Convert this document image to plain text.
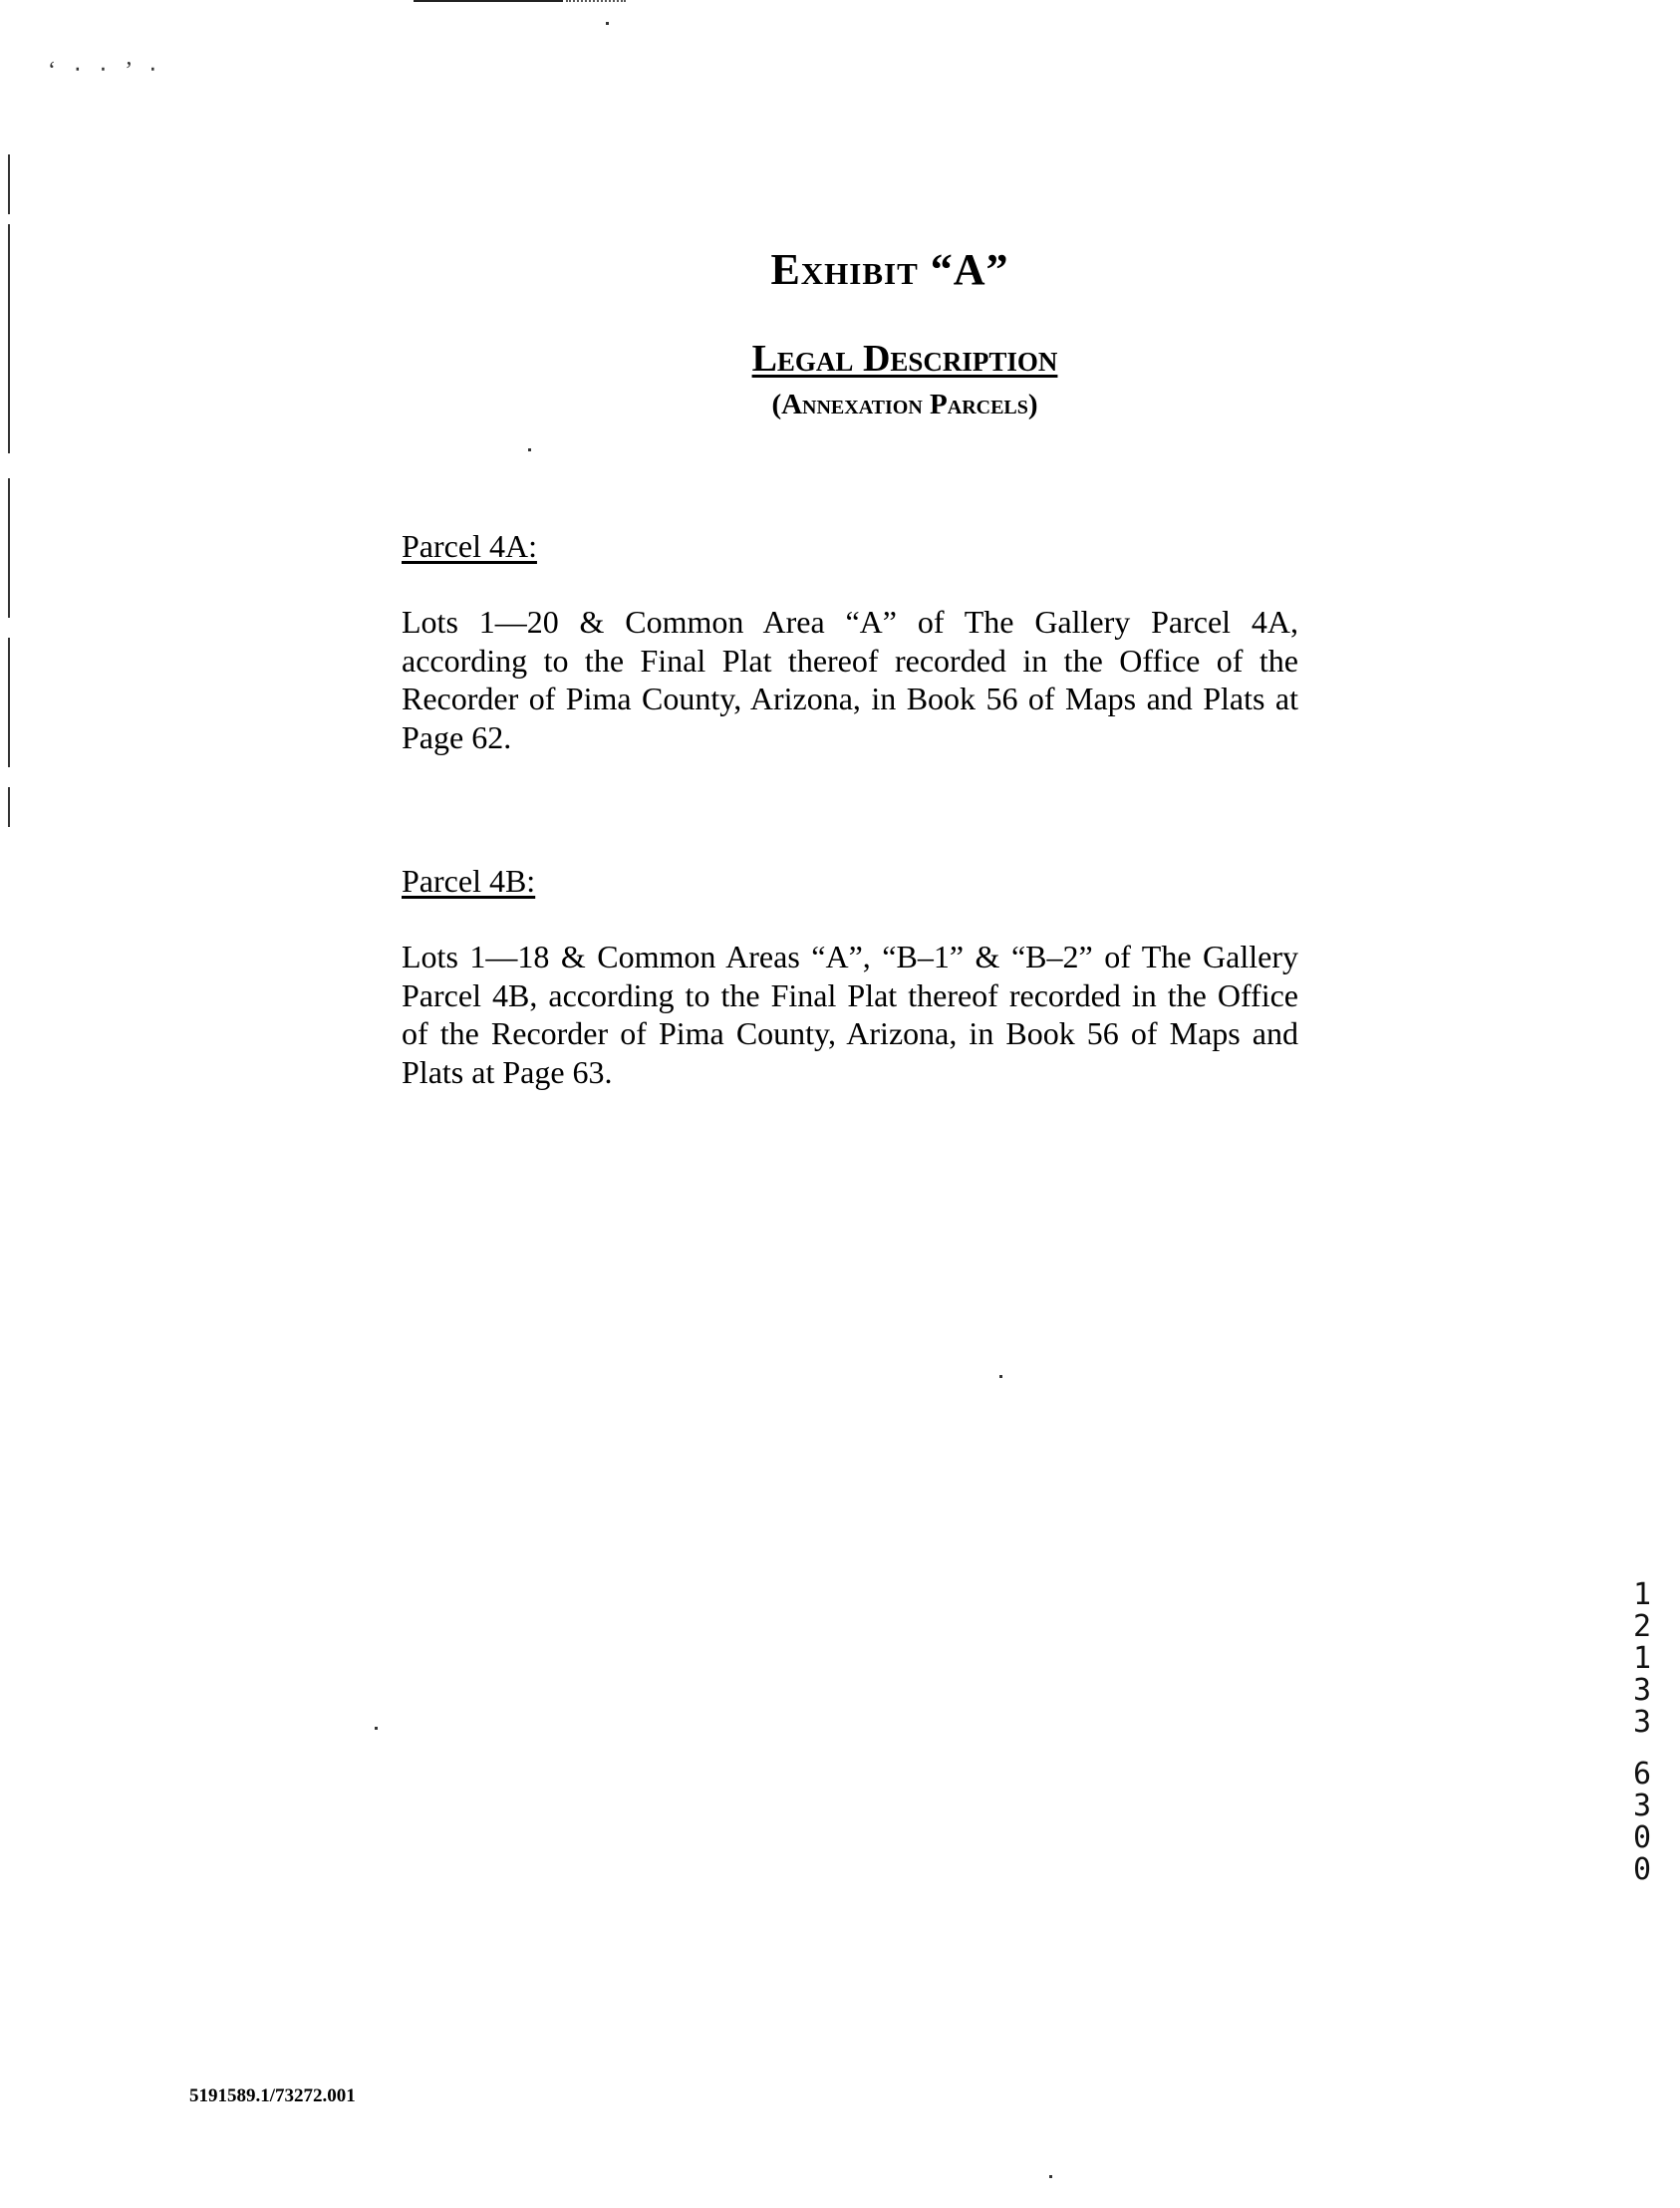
‘ ‧ ‧ ’ ‧
Exhibit “A”
Legal Description
(Annexation Parcels)

Parcel 4A:

Lots 1—20 & Common Area “A” of The Gallery Parcel 4A, according to the Final Plat thereof recorded in the Office of the Recorder of Pima County, Arizona, in Book 56 of Maps and Plats at Page 62.

Parcel 4B:

Lots 1—18 & Common Areas “A”, “B–1” & “B–2” of The Gallery Parcel 4B, according to the Final Plat thereof recorded in the Office of the Recorder of Pima County, Arizona, in Book 56 of Maps and Plats at Page 63.

5191589.1/73272.001
1
2
1
3
3
6
3
0
0
